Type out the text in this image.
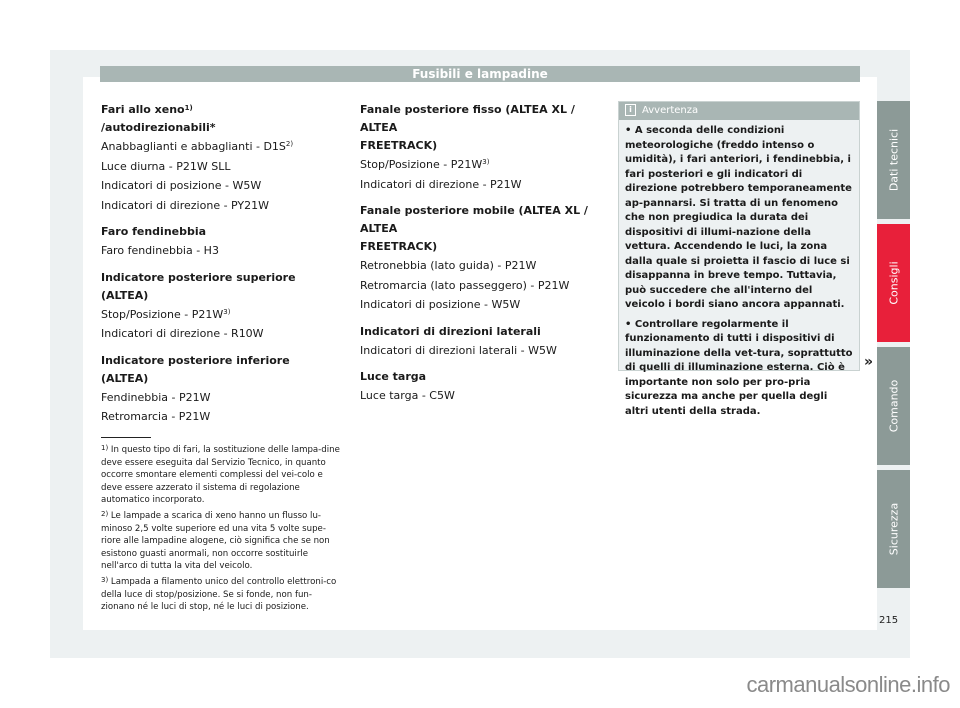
Fusibili e lampadine
Fari allo xeno$^{1)}$ /autodirezionabili*
Anabbaglianti e abbaglianti - $D1S^{2)}$
Luce diurna - P21W SLL
Indicatori di posizione - W5W
Indicatori di direzione - PY21W
Faro fendinebbia
Faro fendinebbia - H3
Indicatore posteriore superiore (ALTEA)
Stop/Posizione - $P21W^{3)}$
Indicatori di direzione - R10W
Indicatore posteriore inferiore (ALTEA)
Fendinebbia - P21W
Retromarcia - P21W
Fanale posteriore fisso (ALTEA XL / ALTEA
FREETRACK)
Stop/Posizione - $P21W^{3)}$
Indicatori di direzione - P21W
Fanale posteriore mobile (ALTEA XL / ALTEA
FREETRACK)
Retronebbia (lato guida) - P21W
Retromarcia (lato passeggero) - P21W
Indicatori di posizione - W5W
Indicatori di direzioni laterali
Indicatori di direzioni laterali - W5W
Luce targa
Luce targa - C5W
i Avvertenza

• A seconda delle condizioni meteorologiche (freddo intenso o umidità), i fari anteriori, i fendinebbia, i fari posteriori e gli indicatori di direzione potrebbero temporaneamente ap-pannarsi. Si tratta di un fenomeno che non pregiudica la durata dei dispositivi di illumi-nazione della vettura. Accendendo le luci, la zona dalla quale si proietta il fascio di luce si disappanna in breve tempo. Tuttavia, può succedere che all'interno del veicolo i bordi siano ancora appannati.

• Controllare regolarmente il funzionamento di tutti i dispositivi di illuminazione della vet-tura, soprattutto di quelli di illuminazione esterna. Ciò è importante non solo per pro-pria sicurezza ma anche per quella degli altri utenti della strada.

»

$^{1)}$ In questo tipo di fari, la sostituzione delle lampa-dine deve essere eseguita dal Servizio Tecnico, in quanto occorre smontare elementi complessi del vei-colo e deve essere azzerato il sistema di regolazione automatico incorporato.

$^{2)}$ Le lampade a scarica di xeno hanno un flusso lu-minoso 2,5 volte superiore ed una vita 5 volte supe-riore alle lampadine alogene, ciò significa che se non esistono guasti anormali, non occorre sostituirle nell'arco di tutta la vita del veicolo.

$^{3)}$ Lampada a filamento unico del controllo elettroni-co della luce di stop/posizione. Se si fonde, non fun-zionano né le luci di stop, né le luci di posizione.

Dati tecnici
Consigli
Comando
Sicurezza
215
carmanualsonline.info
